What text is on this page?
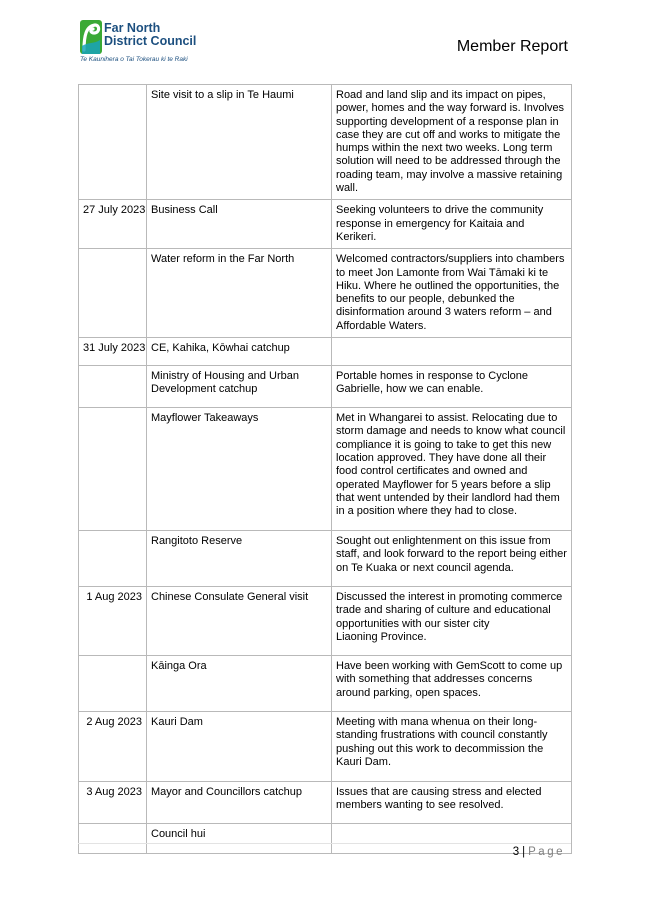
Far North
District Council
Te Kaunihera o Tai Tokerau ki te Raki
Member Report
	Site visit to a slip in Te Haumi	Road and land slip and its impact on pipes, power, homes and the way forward is. Involves supporting development of a response plan in case they are cut off and works to mitigate the humps within the next two weeks. Long term solution will need to be addressed through the roading team, may involve a massive retaining wall.
27 July 2023	Business Call	Seeking volunteers to drive the community response in emergency for Kaitaia and Kerikeri.
	Water reform in the Far North	Welcomed contractors/suppliers into chambers to meet Jon Lamonte from Wai Tāmaki ki te Hiku. Where he outlined the opportunities, the benefits to our people, debunked the disinformation around 3 waters reform – and Affordable Waters.
31 July 2023	CE, Kahika, Kōwhai catchup	
	Ministry of Housing and Urban Development catchup	Portable homes in response to Cyclone Gabrielle, how we can enable.
	Mayflower Takeaways	Met in Whangarei to assist. Relocating due to storm damage and needs to know what council compliance it is going to take to get this new location approved. They have done all their food control certificates and owned and operated Mayflower for 5 years before a slip that went untended by their landlord had them in a position where they had to close.
	Rangitoto Reserve	Sought out enlightenment on this issue from staff, and look forward to the report being either on Te Kuaka or next council agenda.
1 Aug 2023	Chinese Consulate General visit	Discussed the interest in promoting commerce trade and sharing of culture and educational opportunities with our sister city
Liaoning Province.
	Kāinga Ora	Have been working with GemScott to come up with something that addresses concerns around parking, open spaces.
2 Aug 2023	Kauri Dam	Meeting with mana whenua on their long-standing frustrations with council constantly pushing out this work to decommission the Kauri Dam.
3 Aug 2023	Mayor and Councillors catchup	Issues that are causing stress and elected members wanting to see resolved.
	Council hui	
3 | Page
